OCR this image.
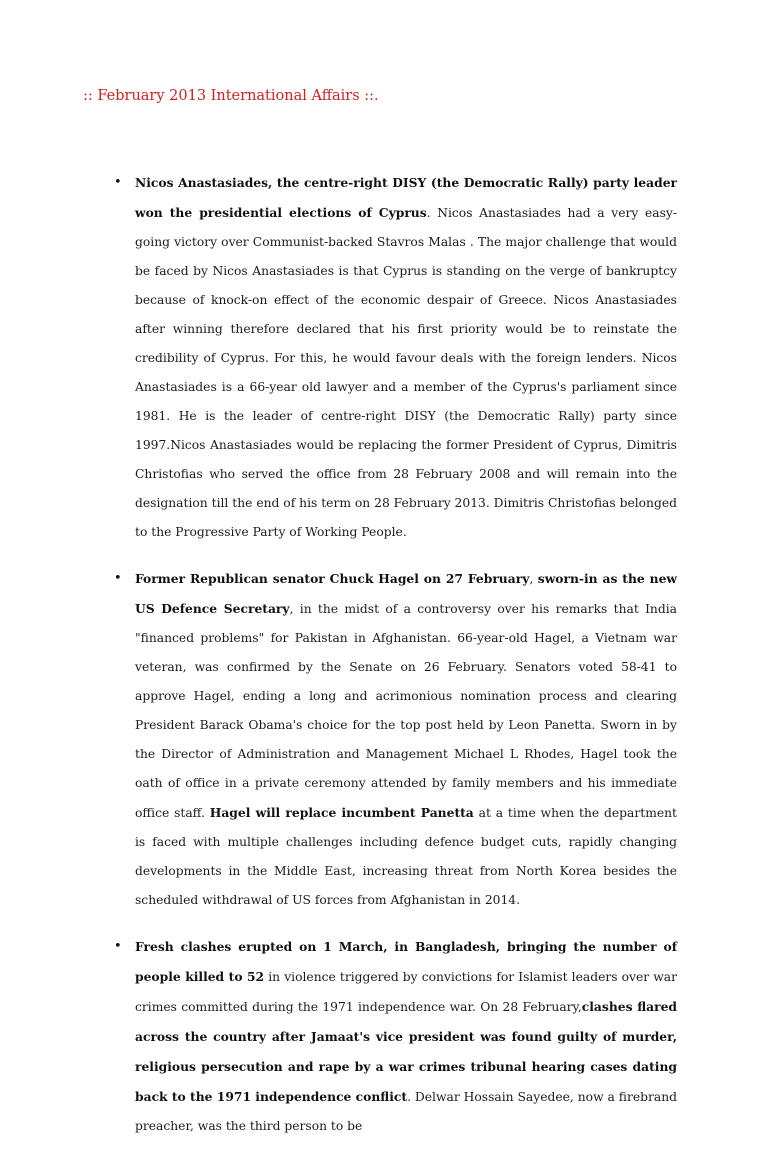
:: February 2013 International Affairs ::.
• Nicos Anastasiades, the centre-right DISY (the Democratic Rally) party leader won the presidential elections of Cyprus. Nicos Anastasiades had a very easy-going victory over Communist-backed Stavros Malas . The major challenge that would be faced by Nicos Anastasiades is that Cyprus is standing on the verge of bankruptcy because of knock-on effect of the economic despair of Greece. Nicos Anastasiades after winning therefore declared that his first priority would be to reinstate the credibility of Cyprus. For this, he would favour deals with the foreign lenders. Nicos Anastasiades is a 66-year old lawyer and a member of the Cyprus's parliament since 1981. He is the leader of centre-right DISY (the Democratic Rally) party since 1997.Nicos Anastasiades would be replacing the former President of Cyprus, Dimitris Christofias who served the office from 28 February 2008 and will remain into the designation till the end of his term on 28 February 2013. Dimitris Christofias belonged to the Progressive Party of Working People.

• Former Republican senator Chuck Hagel on 27 February, sworn-in as the new US Defence Secretary, in the midst of a controversy over his remarks that India "financed problems" for Pakistan in Afghanistan. 66-year-old Hagel, a Vietnam war veteran, was confirmed by the Senate on 26 February. Senators voted 58-41 to approve Hagel, ending a long and acrimonious nomination process and clearing President Barack Obama's choice for the top post held by Leon Panetta. Sworn in by the Director of Administration and Management Michael L Rhodes, Hagel took the oath of office in a private ceremony attended by family members and his immediate office staff. Hagel will replace incumbent Panetta at a time when the department is faced with multiple challenges including defence budget cuts, rapidly changing developments in the Middle East, increasing threat from North Korea besides the scheduled withdrawal of US forces from Afghanistan in 2014.

• Fresh clashes erupted on 1 March, in Bangladesh, bringing the number of people killed to 52 in violence triggered by convictions for Islamist leaders over war crimes committed during the 1971 independence war. On 28 February,clashes flared across the country after Jamaat's vice president was found guilty of murder, religious persecution and rape by a war crimes tribunal hearing cases dating back to the 1971 independence conflict. Delwar Hossain Sayedee, now a firebrand preacher, was the third person to be
